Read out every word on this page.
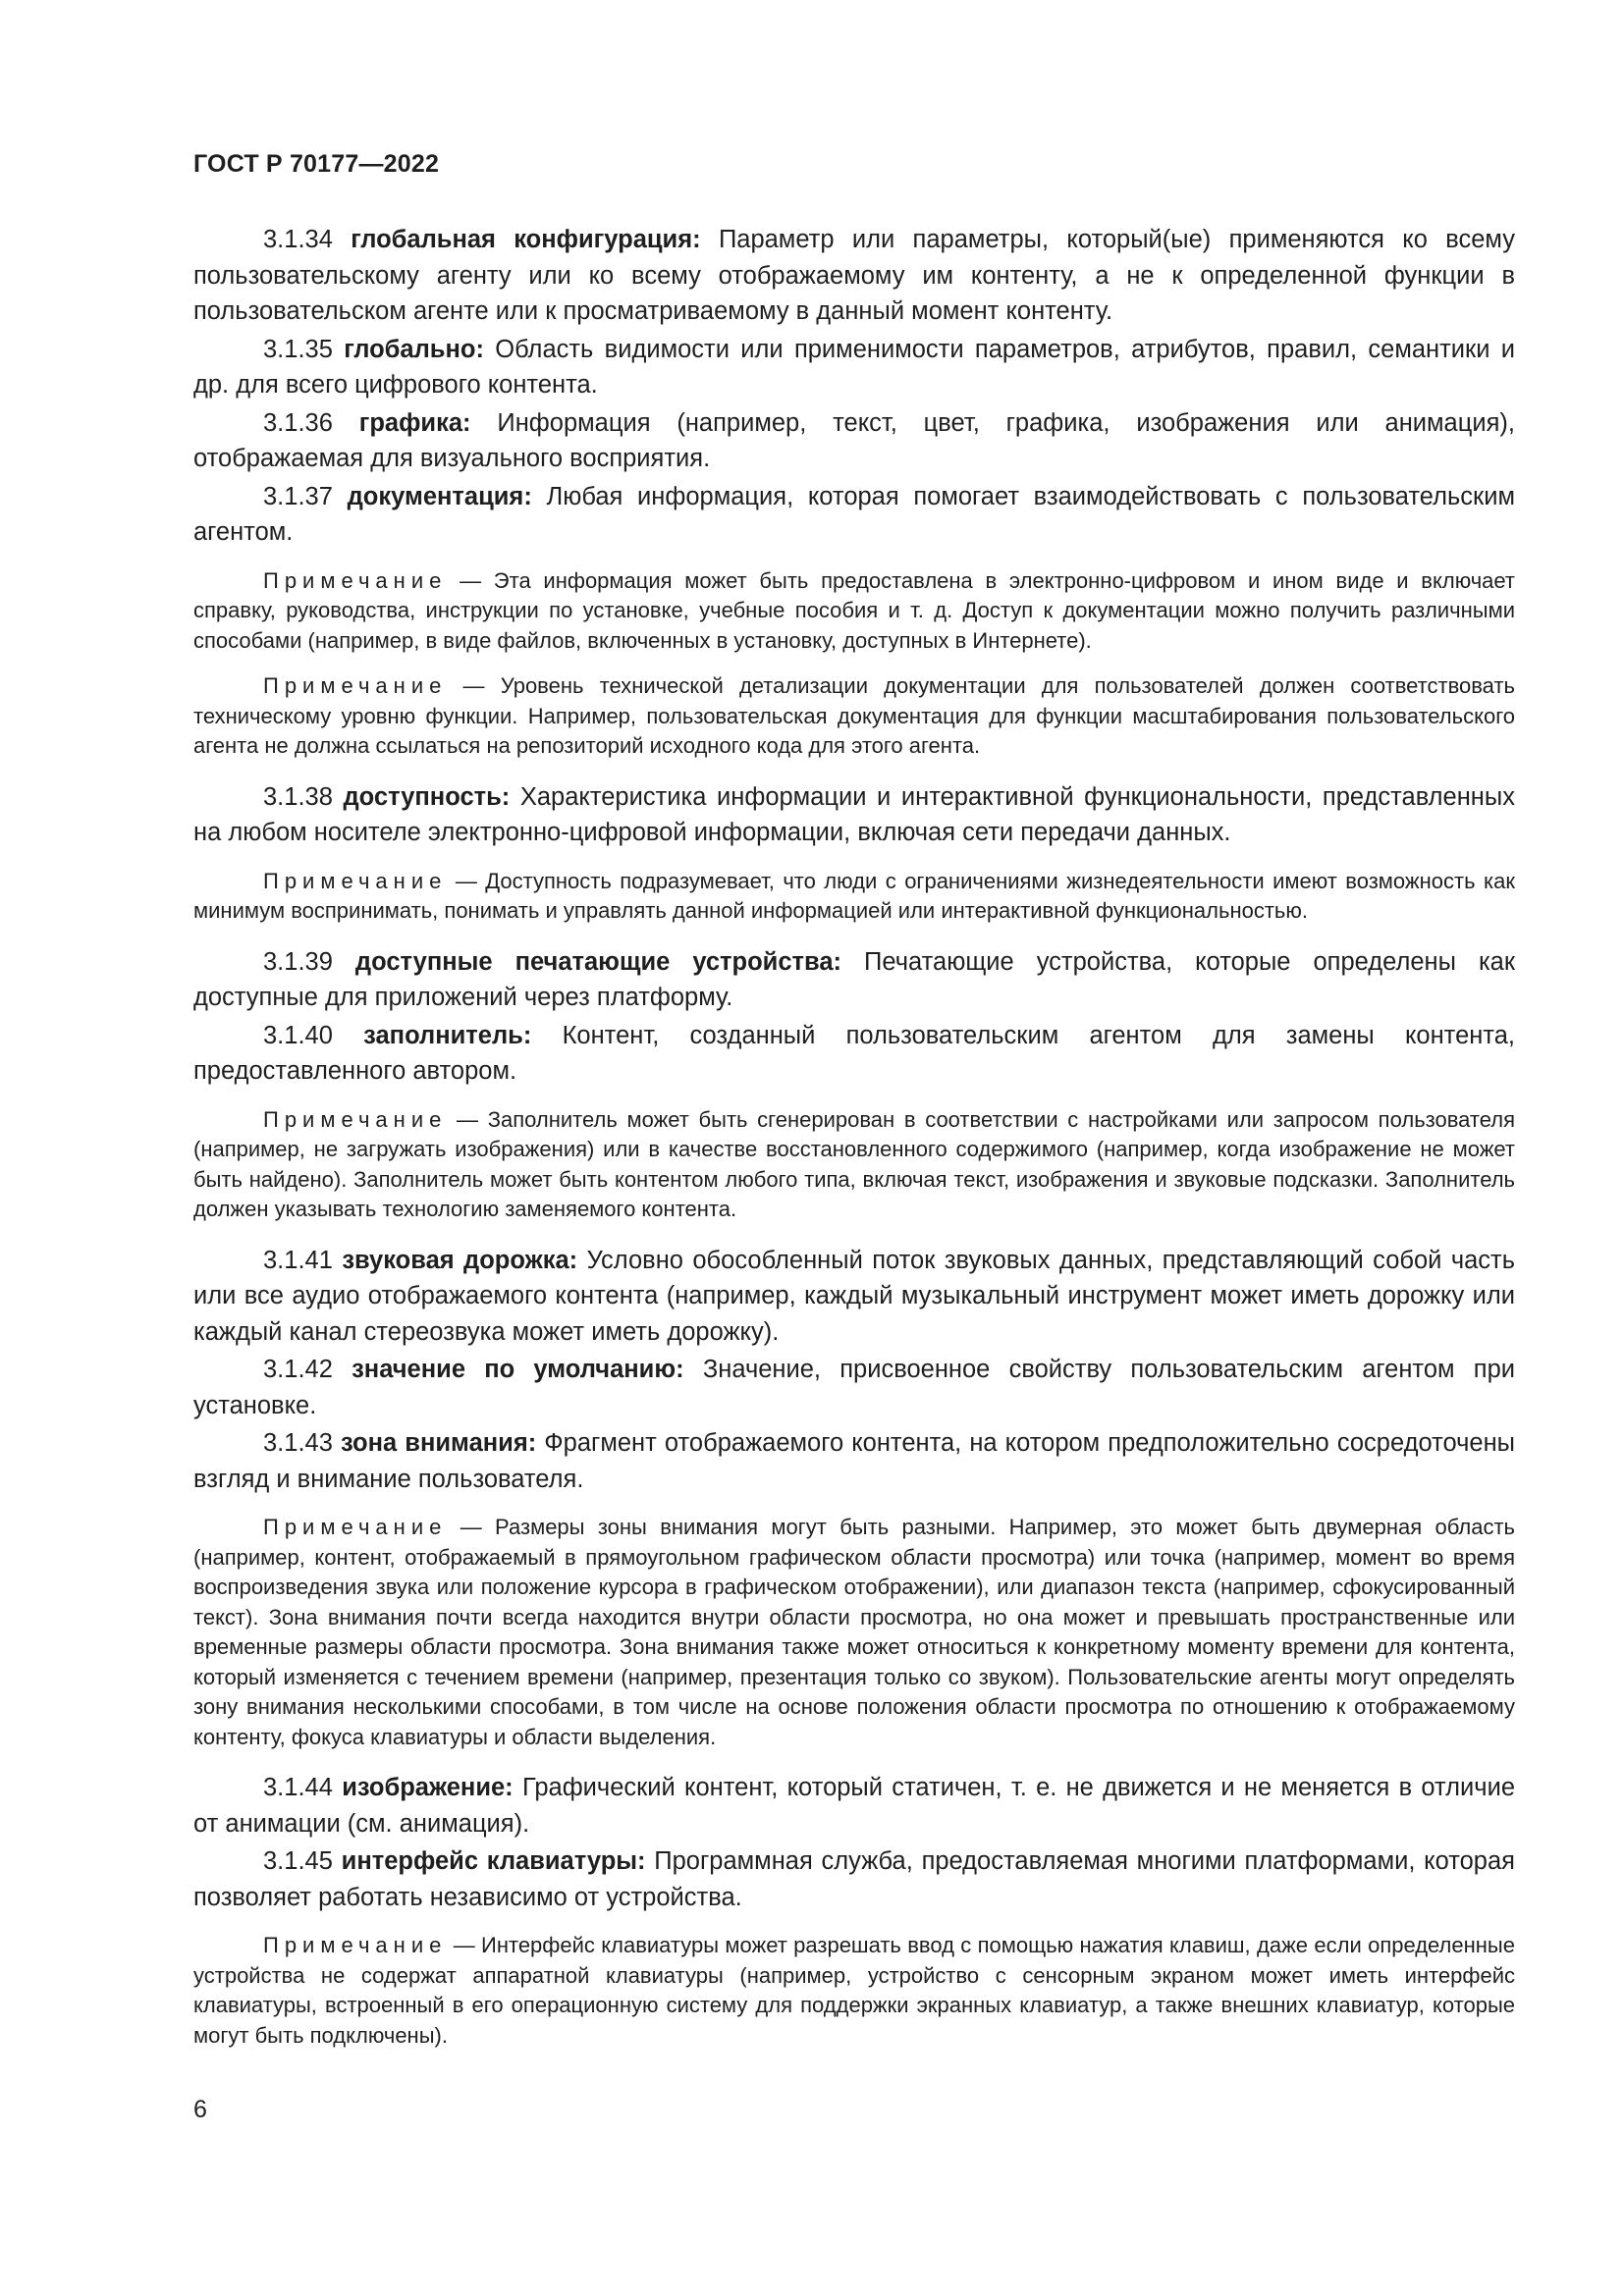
ГОСТ Р 70177—2022

3.1.34 глобальная конфигурация: Параметр или параметры, который(ые) применяются ко всему пользовательскому агенту или ко всему отображаемому им контенту, а не к определенной функции в пользовательском агенте или к просматриваемому в данный момент контенту.

3.1.35 глобально: Область видимости или применимости параметров, атрибутов, правил, семантики и др. для всего цифрового контента.

3.1.36 графика: Информация (например, текст, цвет, графика, изображения или анимация), отображаемая для визуального восприятия.

3.1.37 документация: Любая информация, которая помогает взаимодействовать с пользовательским агентом.

Примечание — Эта информация может быть предоставлена в электронно-цифровом и ином виде и включает справку, руководства, инструкции по установке, учебные пособия и т. д. Доступ к документации можно получить различными способами (например, в виде файлов, включенных в установку, доступных в Интернете).

Примечание — Уровень технической детализации документации для пользователей должен соответствовать техническому уровню функции. Например, пользовательская документация для функции масштабирования пользовательского агента не должна ссылаться на репозиторий исходного кода для этого агента.

3.1.38 доступность: Характеристика информации и интерактивной функциональности, представленных на любом носителе электронно-цифровой информации, включая сети передачи данных.

Примечание — Доступность подразумевает, что люди с ограничениями жизнедеятельности имеют возможность как минимум воспринимать, понимать и управлять данной информацией или интерактивной функциональностью.

3.1.39 доступные печатающие устройства: Печатающие устройства, которые определены как доступные для приложений через платформу.

3.1.40 заполнитель: Контент, созданный пользовательским агентом для замены контента, предоставленного автором.

Примечание — Заполнитель может быть сгенерирован в соответствии с настройками или запросом пользователя (например, не загружать изображения) или в качестве восстановленного содержимого (например, когда изображение не может быть найдено). Заполнитель может быть контентом любого типа, включая текст, изображения и звуковые подсказки. Заполнитель должен указывать технологию заменяемого контента.

3.1.41 звуковая дорожка: Условно обособленный поток звуковых данных, представляющий собой часть или все аудио отображаемого контента (например, каждый музыкальный инструмент может иметь дорожку или каждый канал стереозвука может иметь дорожку).

3.1.42 значение по умолчанию: Значение, присвоенное свойству пользовательским агентом при установке.

3.1.43 зона внимания: Фрагмент отображаемого контента, на котором предположительно сосредоточены взгляд и внимание пользователя.

Примечание — Размеры зоны внимания могут быть разными. Например, это может быть двумерная область (например, контент, отображаемый в прямоугольном графическом области просмотра) или точка (например, момент во время воспроизведения звука или положение курсора в графическом отображении), или диапазон текста (например, сфокусированный текст). Зона внимания почти всегда находится внутри области просмотра, но она может и превышать пространственные или временные размеры области просмотра. Зона внимания также может относиться к конкретному моменту времени для контента, который изменяется с течением времени (например, презентация только со звуком). Пользовательские агенты могут определять зону внимания несколькими способами, в том числе на основе положения области просмотра по отношению к отображаемому контенту, фокуса клавиатуры и области выделения.

3.1.44 изображение: Графический контент, который статичен, т. е. не движется и не меняется в отличие от анимации (см. анимация).

3.1.45 интерфейс клавиатуры: Программная служба, предоставляемая многими платформами, которая позволяет работать независимо от устройства.

Примечание — Интерфейс клавиатуры может разрешать ввод с помощью нажатия клавиш, даже если определенные устройства не содержат аппаратной клавиатуры (например, устройство с сенсорным экраном может иметь интерфейс клавиатуры, встроенный в его операционную систему для поддержки экранных клавиатур, а также внешних клавиатур, которые могут быть подключены).

6
